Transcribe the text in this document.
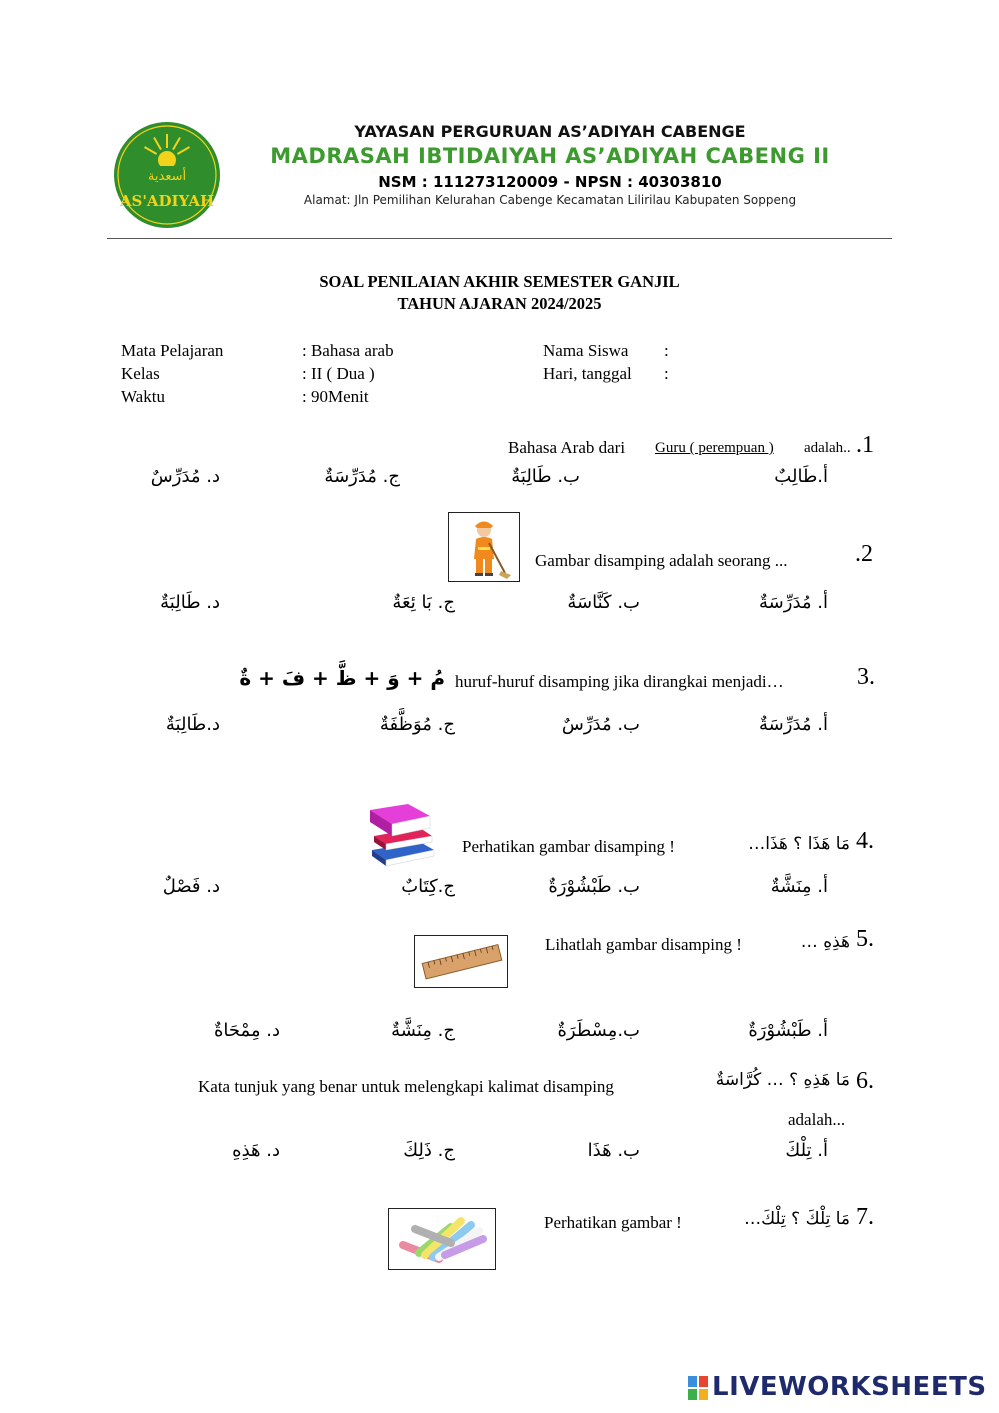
أسعدية
AS'ADIYAH
YAYASAN PERGURUAN AS’ADIYAH CABENGE
MADRASAH IBTIDAIYAH AS’ADIYAH CABENG II
NSM : 111273120009 - NPSN : 40303810
Alamat: Jln Pemilihan Kelurahan Cabenge Kecamatan Lilirilau Kabupaten Soppeng
SOAL PENILAIAN AKHIR SEMESTER GANJIL
TAHUN AJARAN 2024/2025
Mata Pelajaran	: Bahasa arab
Kelas	: II ( Dua )
Waktu	: 90Menit
Nama Siswa :
Hari, tanggal :
Bahasa Arab dari Guru ( perempuan ) adalah.. .1
أ.طَالِبٌ
ب. طَالِبَةٌ
ج. مُدَرِّسَةٌ
د. مُدَرِّسٌ
Gambar disamping adalah seorang ...	.2
أ. مُدَرِّسَةٌ
ب. كَنَّاسَةٌ
ج. بَا ئِعَةٌ
د. طَالِبَةٌ
مُ + وَ + ظَّ + فَ + ةٌ huruf-huruf disamping jika dirangkai menjadi…	3.
أ. مُدَرِّسَةٌ
ب. مُدَرِّسٌ
ج. مُوَظَّفَةٌ
د.طَالِبَةٌ
Perhatikan gambar disamping !	مَا هَذَا ؟ هَذَا… 4.
أ. مِنَشَّةٌ
ب. طَبْشُوْرَةٌ
ج.كِتَابٌ
د. فَصْلٌ
Lihatlah gambar disamping !	هَذِهِ … 5.
أ. طَبْشُوْرَةٌ
ب.مِسْطَرَةٌ
ج. مِنَشَّةٌ
د. مِمْحَاةٌ
Kata tunjuk yang benar untuk melengkapi kalimat disamping	مَا هَذِهِ ؟ … كُرَّاسَةٌ 6.
adalah...
أ. تِلْكَ
ب. هَذَا
ج. ذَلِكَ
د. هَذِهِ
Perhatikan gambar !	مَا تِلْكَ ؟ تِلْكَ… 7.
LIVEWORKSHEETS
